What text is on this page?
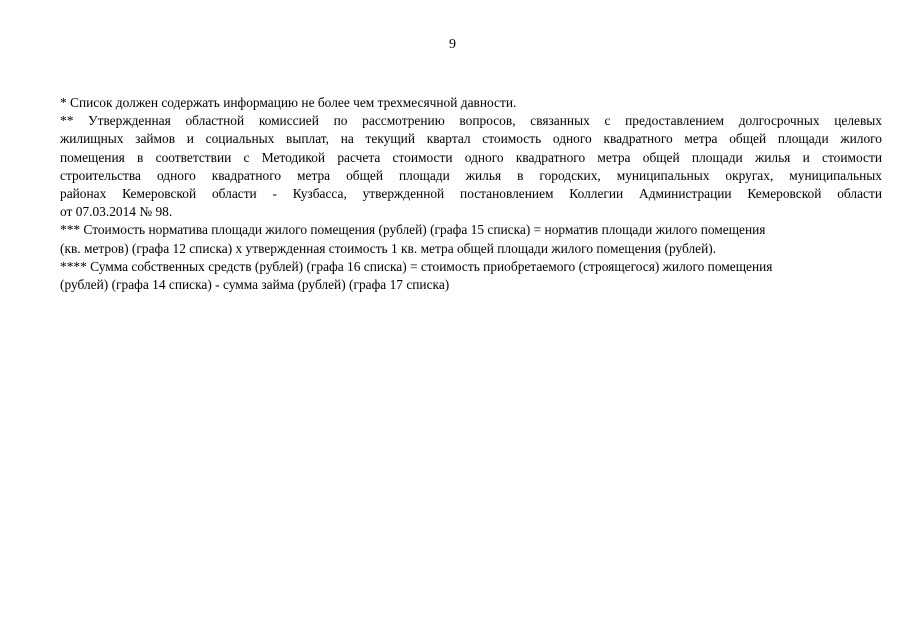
9
* Список должен содержать информацию не более чем трехмесячной давности.
** Утвержденная областной комиссией по рассмотрению вопросов, связанных с предоставлением долгосрочных целевых
жилищных займов и социальных выплат, на текущий квартал стоимость одного квадратного метра общей площади жилого
помещения в соответствии с Методикой расчета стоимости одного квадратного метра общей площади жилья и стоимости
строительства одного квадратного метра общей площади жилья в городских, муниципальных округах, муниципальных
районах Кемеровской области - Кузбасса, утвержденной постановлением Коллегии Администрации Кемеровской области
от 07.03.2014 № 98.
*** Стоимость норматива площади жилого помещения (рублей) (графа 15 списка) = норматив площади жилого помещения
(кв. метров) (графа 12 списка) x утвержденная стоимость 1 кв. метра общей площади жилого помещения (рублей).
**** Сумма собственных средств (рублей) (графа 16 списка) = стоимость приобретаемого (строящегося) жилого помещения
(рублей) (графа 14 списка) - сумма займа (рублей) (графа 17 списка)
